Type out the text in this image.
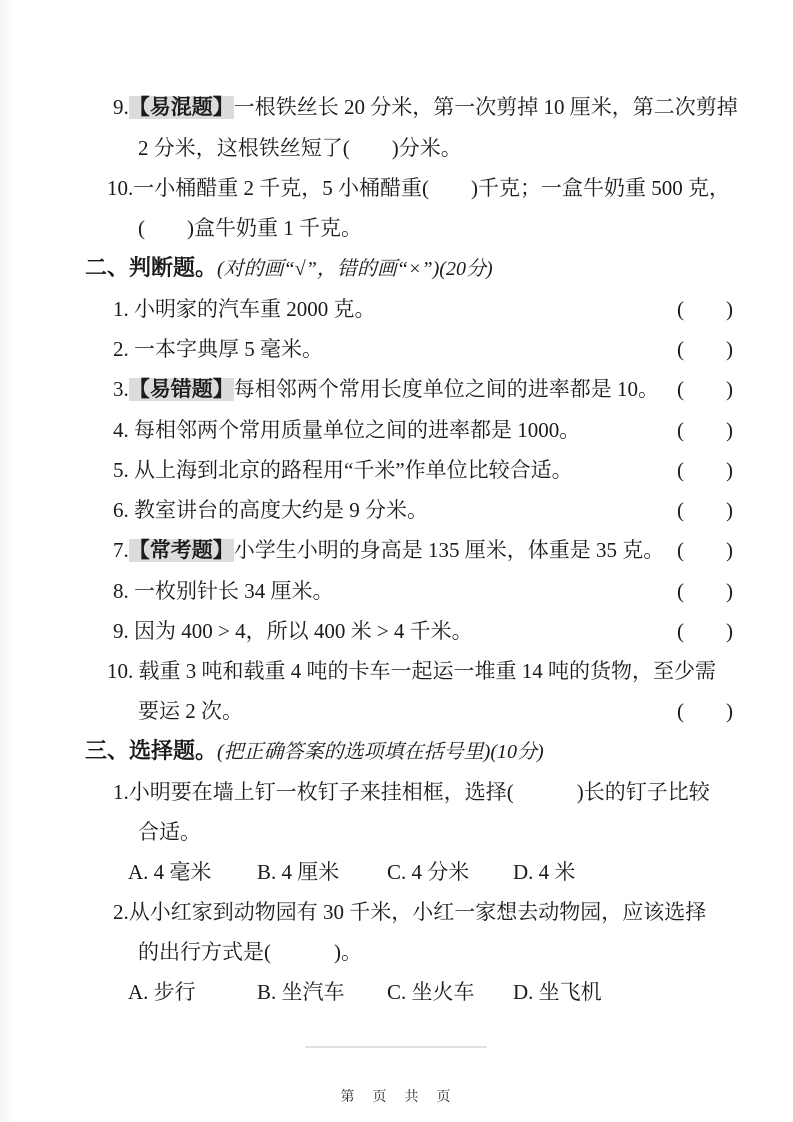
9.【易混题】一根铁丝长 20 分米，第一次剪掉 10 厘米，第二次剪掉
2 分米，这根铁丝短了(　　)分米。
10.一小桶醋重 2 千克，5 小桶醋重(　　)千克；一盒牛奶重 500 克，
(　　)盒牛奶重 1 千克。
二、判断题。(对的画“√”，错的画“×”)(20分)
1. 小明家的汽车重 2000 克。	(　　)
2. 一本字典厚 5 毫米。	(　　)
3.【易错题】每相邻两个常用长度单位之间的进率都是 10。 (　　)
4. 每相邻两个常用质量单位之间的进率都是 1000。	(　　)
5. 从上海到北京的路程用“千米”作单位比较合适。	(　　)
6. 教室讲台的高度大约是 9 分米。	(　　)
7.【常考题】小学生小明的身高是 135 厘米，体重是 35 克。 (　　)
8. 一枚别针长 34 厘米。	(　　)
9. 因为 400 > 4，所以 400 米 > 4 千米。	(　　)
10. 载重 3 吨和载重 4 吨的卡车一起运一堆重 14 吨的货物，至少需
要运 2 次。	(　　)
三、选择题。(把正确答案的选项填在括号里)(10分)
1.小明要在墙上钉一枚钉子来挂相框，选择(　　　)长的钉子比较
合适。
A. 4 毫米 B. 4 厘米 C. 4 分米 D. 4 米
2.从小红家到动物园有 30 千米，小红一家想去动物园，应该选择
的出行方式是(　　　)。
A. 步行	B. 坐汽车 C. 坐火车 D. 坐飞机
第　页　共　页
